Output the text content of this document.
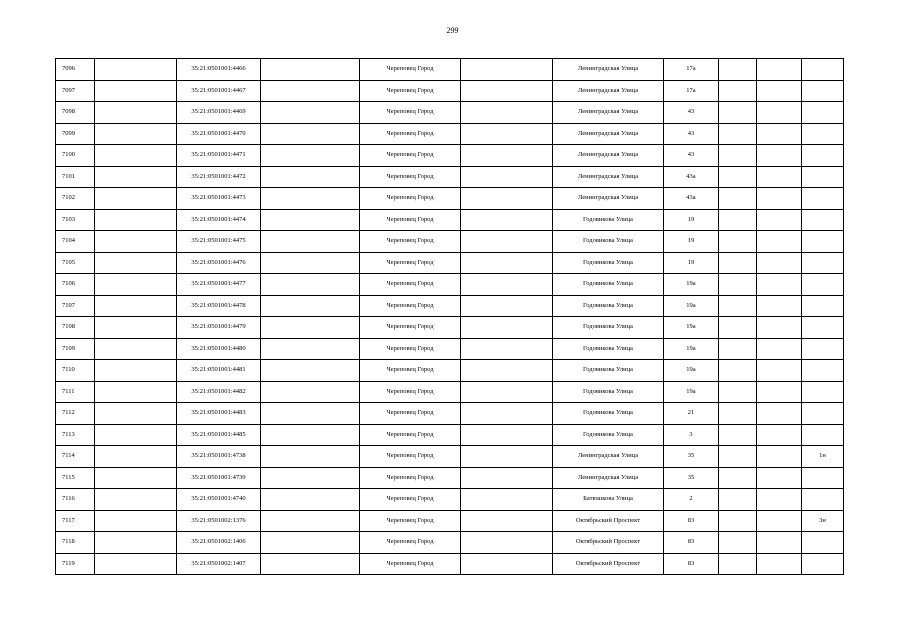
299
7096		35:21:0501001:4466		Череповец Город		Ленинградская Улица	17а			
7097		35:21:0501001:4467		Череповец Город		Ленинградская Улица	17а			
7098		35:21:0501001:4469		Череповец Город		Ленинградская Улица	43			
7099		35:21:0501001:4470		Череповец Город		Ленинградская Улица	43			
7100		35:21:0501001:4471		Череповец Город		Ленинградская Улица	43			
7101		35:21:0501001:4472		Череповец Город		Ленинградская Улица	43а			
7102		35:21:0501001:4473		Череповец Город		Ленинградская Улица	43а			
7103		35:21:0501001:4474		Череповец Город		Годовикова Улица	19			
7104		35:21:0501001:4475		Череповец Город		Годовикова Улица	19			
7105		35:21:0501001:4476		Череповец Город		Годовикова Улица	19			
7106		35:21:0501001:4477		Череповец Город		Годовикова Улица	19а			
7107		35:21:0501001:4478		Череповец Город		Годовикова Улица	19а			
7108		35:21:0501001:4479		Череповец Город		Годовикова Улица	19а			
7109		35:21:0501001:4480		Череповец Город		Годовикова Улица	19а			
7110		35:21:0501001:4481		Череповец Город		Годовикова Улица	19а			
7111		35:21:0501001:4482		Череповец Город		Годовикова Улица	19а			
7112		35:21:0501001:4483		Череповец Город		Годовикова Улица	21			
7113		35:21:0501001:4485		Череповец Город		Годовикова Улица	3			
7114		35:21:0501001:4738		Череповец Город		Ленинградская Улица	35			1н
7115		35:21:0501001:4739		Череповец Город		Ленинградская Улица	35			
7116		35:21:0501001:4740		Череповец Город		Батюшкова Улица	2			
7117		35:21:0501002:1376		Череповец Город		Октябрьский Проспект	83			3н
7118		35:21:0501002:1406		Череповец Город		Октябрьский Проспект	83			
7119		35:21:0501002:1407		Череповец Город		Октябрьский Проспект	83			
